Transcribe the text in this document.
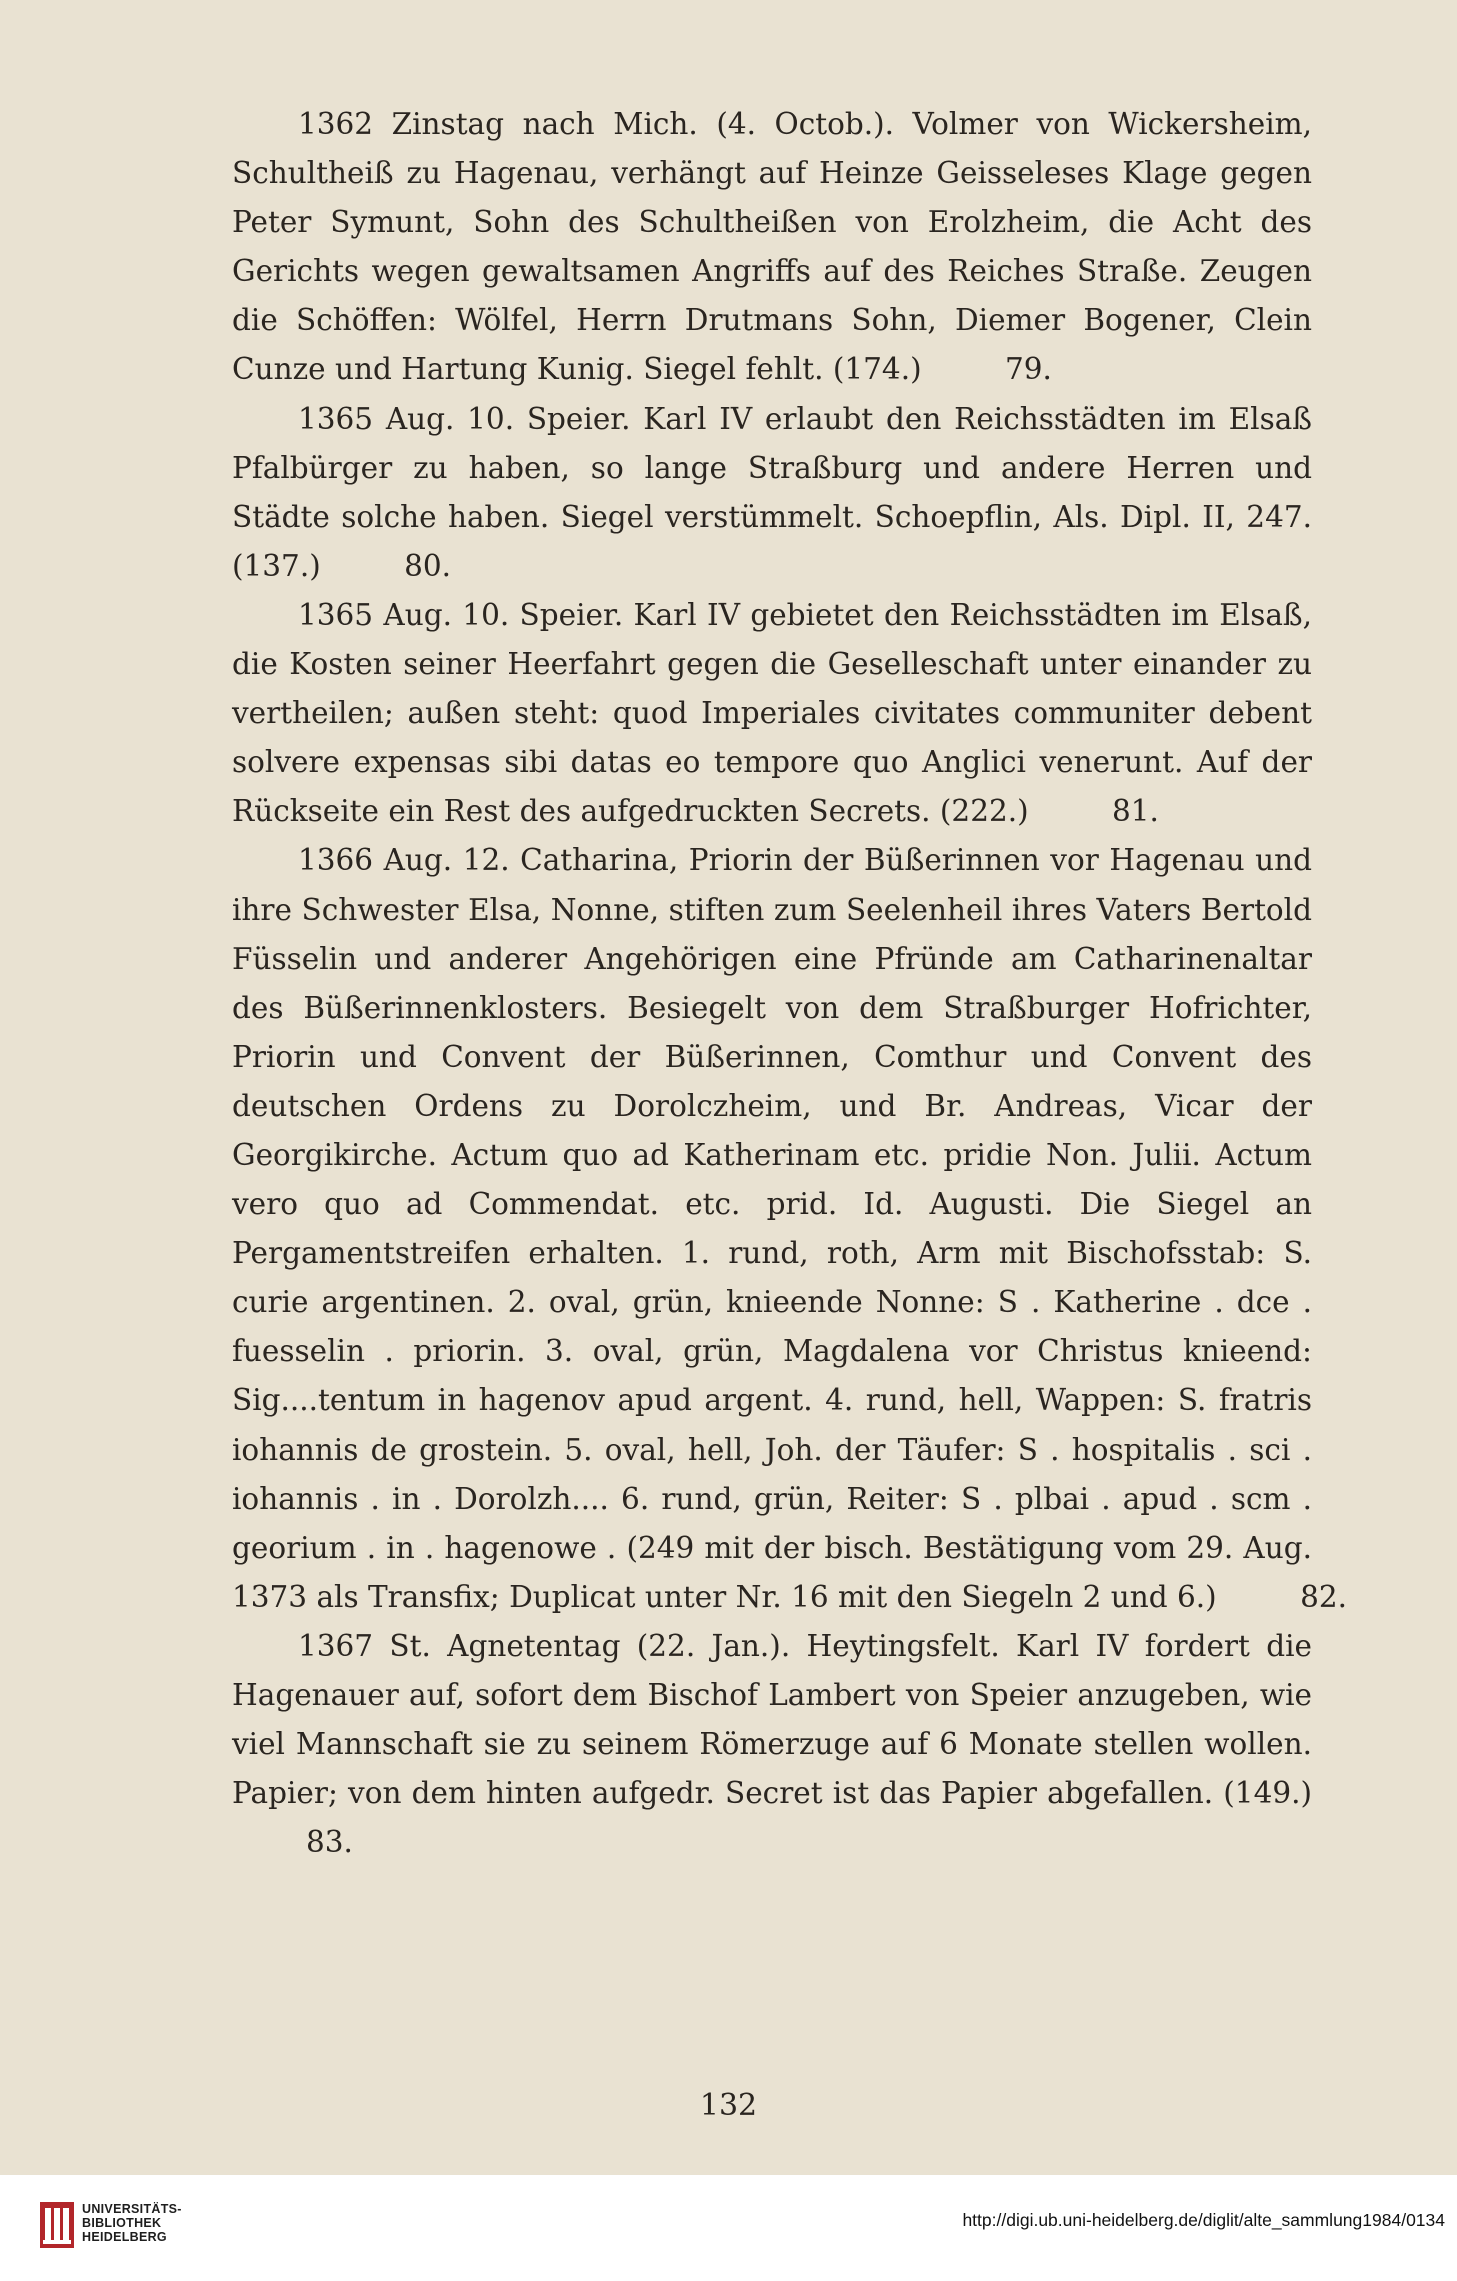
1362 Zinstag nach Mich. (4. Octob.). Volmer von Wickersheim, Schultheiß zu Hagenau, verhängt auf Heinze Geisseleses Klage gegen Peter Symunt, Sohn des Schultheißen von Erolzheim, die Acht des Gerichts wegen gewaltsamen Angriffs auf des Reiches Straße. Zeugen die Schöffen: Wölfel, Herrn Drutmans Sohn, Diemer Bogener, Clein Cunze und Hartung Kunig. Siegel fehlt. (174.)	79.

1365 Aug. 10. Speier. Karl IV erlaubt den Reichsstädten im Elsaß Pfalbürger zu haben, so lange Straßburg und andere Herren und Städte solche haben. Siegel verstümmelt. Schoepflin, Als. Dipl. II, 247. (137.)	80.

1365 Aug. 10. Speier. Karl IV gebietet den Reichsstädten im Elsaß, die Kosten seiner Heerfahrt gegen die Geselleschaft unter einander zu vertheilen; außen steht: quod Imperiales civitates communiter debent solvere expensas sibi datas eo tempore quo Anglici venerunt. Auf der Rückseite ein Rest des aufgedruckten Secrets. (222.)	81.

1366 Aug. 12. Catharina, Priorin der Büßerinnen vor Hagenau und ihre Schwester Elsa, Nonne, stiften zum Seelenheil ihres Vaters Bertold Füsselin und anderer Angehörigen eine Pfründe am Catharinenaltar des Büßerinnenklosters. Besiegelt von dem Straßburger Hofrichter, Priorin und Convent der Büßerinnen, Comthur und Convent des deutschen Ordens zu Dorolczheim, und Br. Andreas, Vicar der Georgikirche. Actum quo ad Katherinam etc. pridie Non. Julii. Actum vero quo ad Commendat. etc. prid. Id. Augusti. Die Siegel an Pergamentstreifen erhalten. 1. rund, roth, Arm mit Bischofsstab: S. curie argentinen. 2. oval, grün, knieende Nonne: S . Katherine . dce . fuesselin . priorin. 3. oval, grün, Magdalena vor Christus knieend: Sig....tentum in hagenov apud argent. 4. rund, hell, Wappen: S. fratris iohannis de grostein. 5. oval, hell, Joh. der Täufer: S . hospitalis . sci . iohannis . in . Dorolzh.... 6. rund, grün, Reiter: S . plbai . apud . scm . georium . in . hagenowe . (249 mit der bisch. Bestätigung vom 29. Aug. 1373 als Transfix; Duplicat unter Nr. 16 mit den Siegeln 2 und 6.)	82.

1367 St. Agnetentag (22. Jan.). Heytingsfelt. Karl IV fordert die Hagenauer auf, sofort dem Bischof Lambert von Speier anzugeben, wie viel Mannschaft sie zu seinem Römerzuge auf 6 Monate stellen wollen. Papier; von dem hinten aufgedr. Secret ist das Papier abgefallen. (149.) 83.

132
UNIVERSITÄTS-
BIBLIOTHEK
HEIDELBERG
http://digi.ub.uni-heidelberg.de/diglit/alte_sammlung1984/0134
